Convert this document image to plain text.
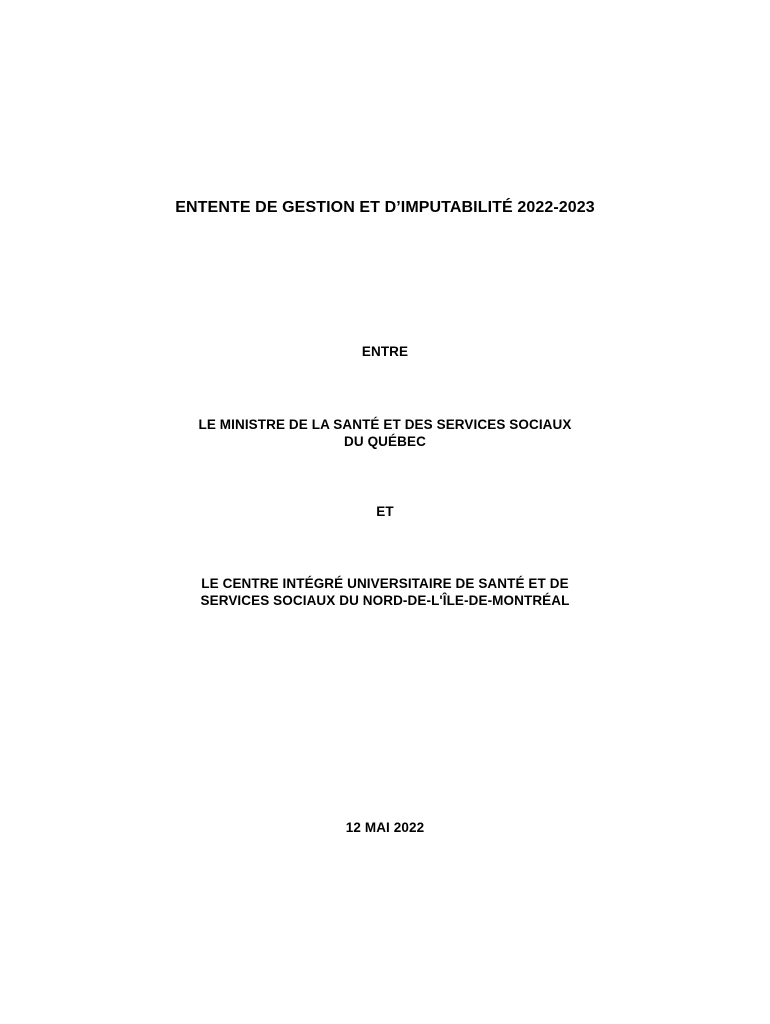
ENTENTE DE GESTION ET D’IMPUTABILITÉ 2022-2023
ENTRE
LE MINISTRE DE LA SANTÉ ET DES SERVICES SOCIAUX
DU QUÉBEC
ET
LE CENTRE INTÉGRÉ UNIVERSITAIRE DE SANTÉ ET DE
SERVICES SOCIAUX DU NORD-DE-L'ÎLE-DE-MONTRÉAL
12 MAI 2022
